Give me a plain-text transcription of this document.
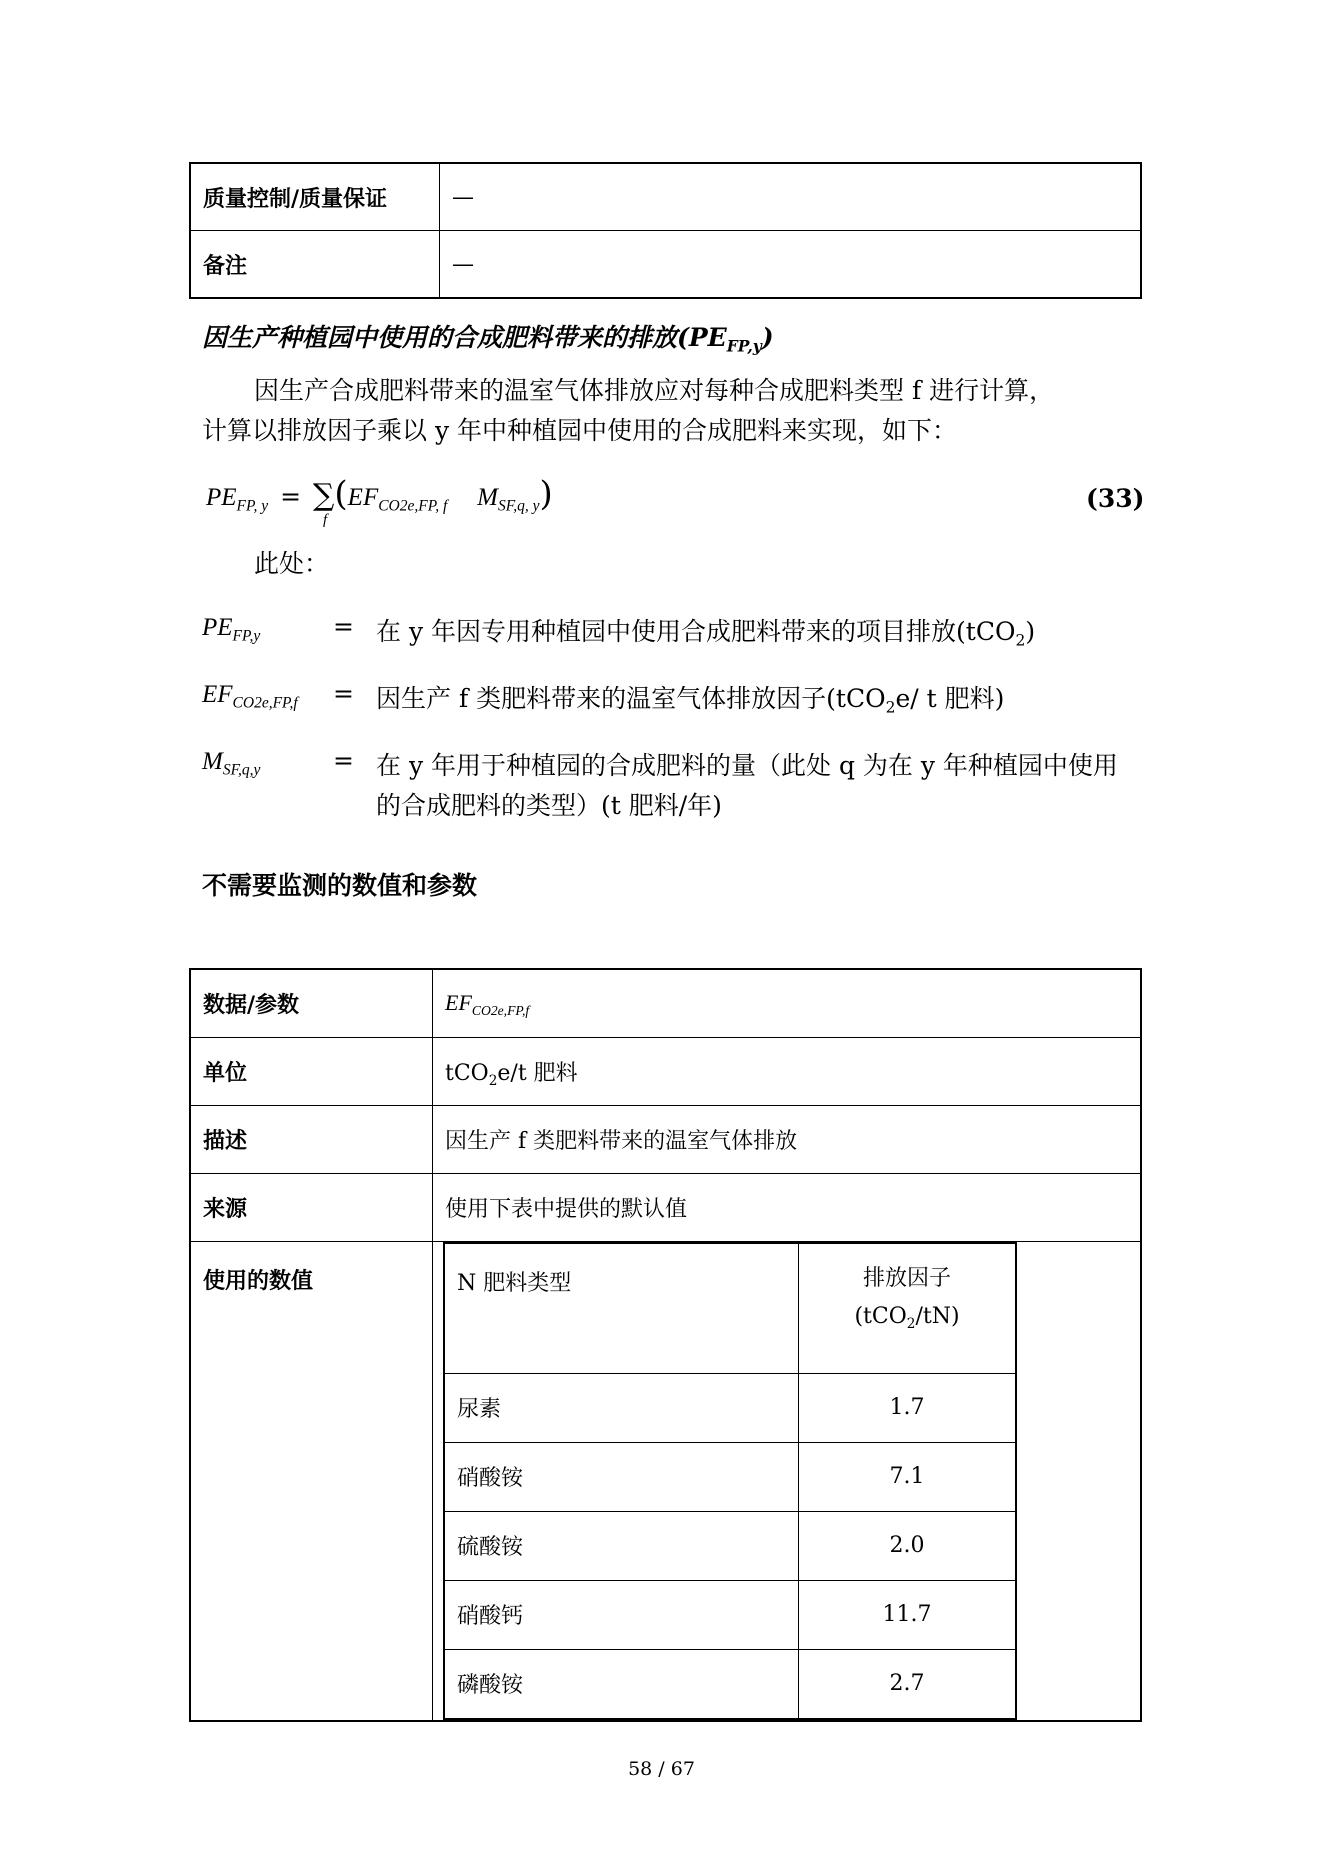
质量控制/质量保证	—
备注	—
因生产种植园中使用的合成肥料带来的排放$(PE_{FP,y})$
因生产合成肥料带来的温室气体排放应对每种合成肥料类型 f 进行计算，
计算以排放因子乘以 y 年中种植园中使用的合成肥料来实现，如下：
$PE_{FP, y}$ = ∑
f
($EF_{CO2e,FP, f}$ $M_{SF,q, y}$)	(33)
此处：
$PE_{FP,y}$	= 在 y 年因专用种植园中使用合成肥料带来的项目排放(tCO$_2$)
$EF_{CO2e,FP,f}$ = 因生产 f 类肥料带来的温室气体排放因子(tCO$_2$e/ t 肥料)
$M_{SF,q,y}$	= 在 y 年用于种植园的合成肥料的量（此处 q 为在 y 年种植园中使用的合成肥料的类型）(t 肥料/年)
不需要监测的数值和参数
数据/参数	$EF_{CO2e,FP,f}$
单位	tCO$_2$e/t 肥料
描述	因生产 f 类肥料带来的温室气体排放
来源	使用下表中提供的默认值
使用的数值		N 肥料类型	排放因子
(tCO$_2$/tN)
尿素	1.7
硝酸铵	7.1
硫酸铵	2.0
硝酸钙	11.7
磷酸铵	2.7
58 / 67
